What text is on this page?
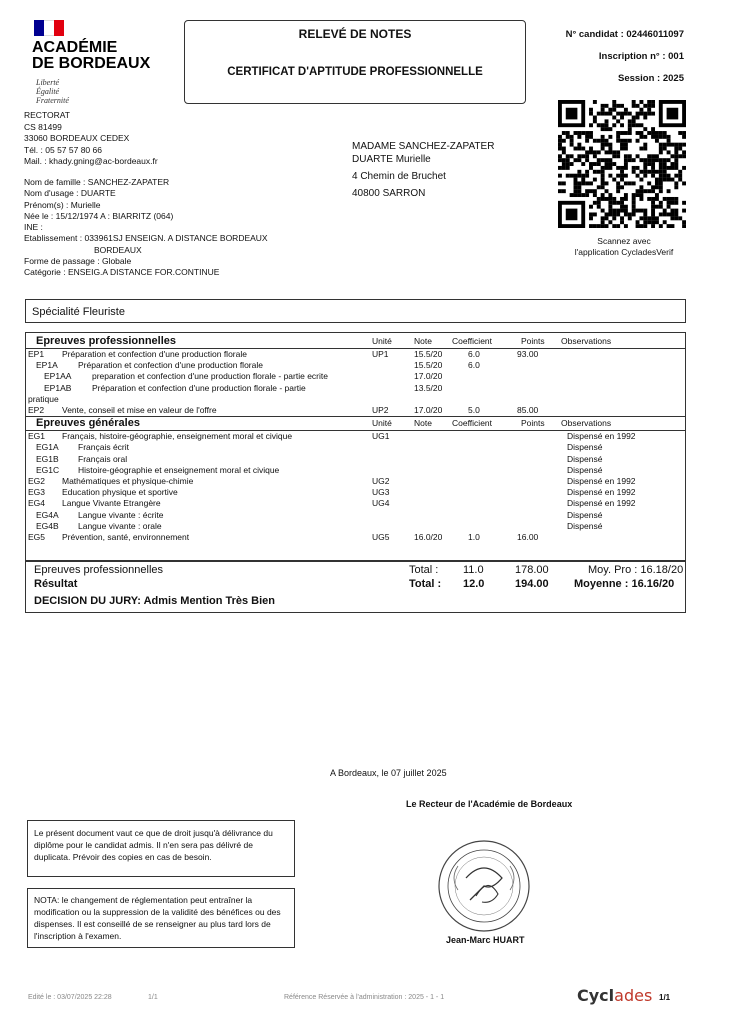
ACADÉMIE
DE BORDEAUX
Liberté
Égalité
Fraternité
RECTORAT
CS 81499
33060 BORDEAUX CEDEX
Tél. : 05 57 57 80 66
Mail. : khady.gning@ac-bordeaux.fr
RELEVÉ DE NOTES
CERTIFICAT D'APTITUDE PROFESSIONNELLE
N° candidat : 02446011097
Inscription n° : 001
Session : 2025
Scannez avec
l'application CycladesVerif
MADAME SANCHEZ-ZAPATER
DUARTE Murielle
4 Chemin de Bruchet
40800 SARRON
Nom de famille : SANCHEZ-ZAPATER
Nom d'usage : DUARTE
Prénom(s) : Murielle
Née le : 15/12/1974 A : BIARRITZ (064)
INE :
Etablissement : 033961SJ ENSEIGN. A DISTANCE BORDEAUX
BORDEAUX
Forme de passage : Globale
Catégorie : ENSEIG.A DISTANCE FOR.CONTINUE
Spécialité Fleuriste
Epreuves professionnelles	Unité	Note Coefficient	Points Observations
EP1 Préparation et confection d'une production florale	UP1	15.5/20	6.0	93.00
EP1A Préparation et confection d'une production florale	15.5/20	6.0
EP1AA preparation et confection d'une production florale - partie ecrite	17.0/20
EP1AB Préparation et confection d'une production florale - partie	13.5/20
pratique
EP2 Vente, conseil et mise en valeur de l'offre	UP2	17.0/20	5.0	85.00
Epreuves générales	Unité	Note Coefficient	Points Observations
EG1 Français, histoire-géographie, enseignement moral et civique	UG1	Dispensé en 1992
EG1A Français écrit	Dispensé
EG1B Français oral	Dispensé
EG1C Histoire-géographie et enseignement moral et civique	Dispensé
EG2 Mathématiques et physique-chimie	UG2	Dispensé en 1992
EG3 Education physique et sportive	UG3	Dispensé en 1992
EG4 Langue Vivante Etrangère	UG4	Dispensé en 1992
EG4A Langue vivante : écrite	Dispensé
EG4B Langue vivante : orale	Dispensé
EG5 Prévention, santé, environnement	UG5	16.0/20	1.0	16.00
Epreuves professionnelles	Total : 11.0	178.00	Moy. Pro : 16.18/20
Résultat	Total : 12.0	194.00 Moyenne : 16.16/20
DECISION DU JURY: Admis Mention Très Bien
A Bordeaux, le 07 juillet 2025
Le Recteur de l'Académie de Bordeaux
Jean-Marc HUART
Le présent document vaut ce que de droit jusqu'à délivrance du diplôme pour le candidat admis. Il n'en sera pas délivré de duplicata. Prévoir des copies en cas de besoin.
NOTA: le changement de réglementation peut entraîner la modification ou la suppression de la validité des bénéfices ou des dispenses. Il est conseillé de se renseigner au plus tard lors de l'inscription à l'examen.
Edité le : 03/07/2025 22:28	1/1	Référence Réservée à l'administration : 2025 - 1 - 1	Cyclades 1/1
